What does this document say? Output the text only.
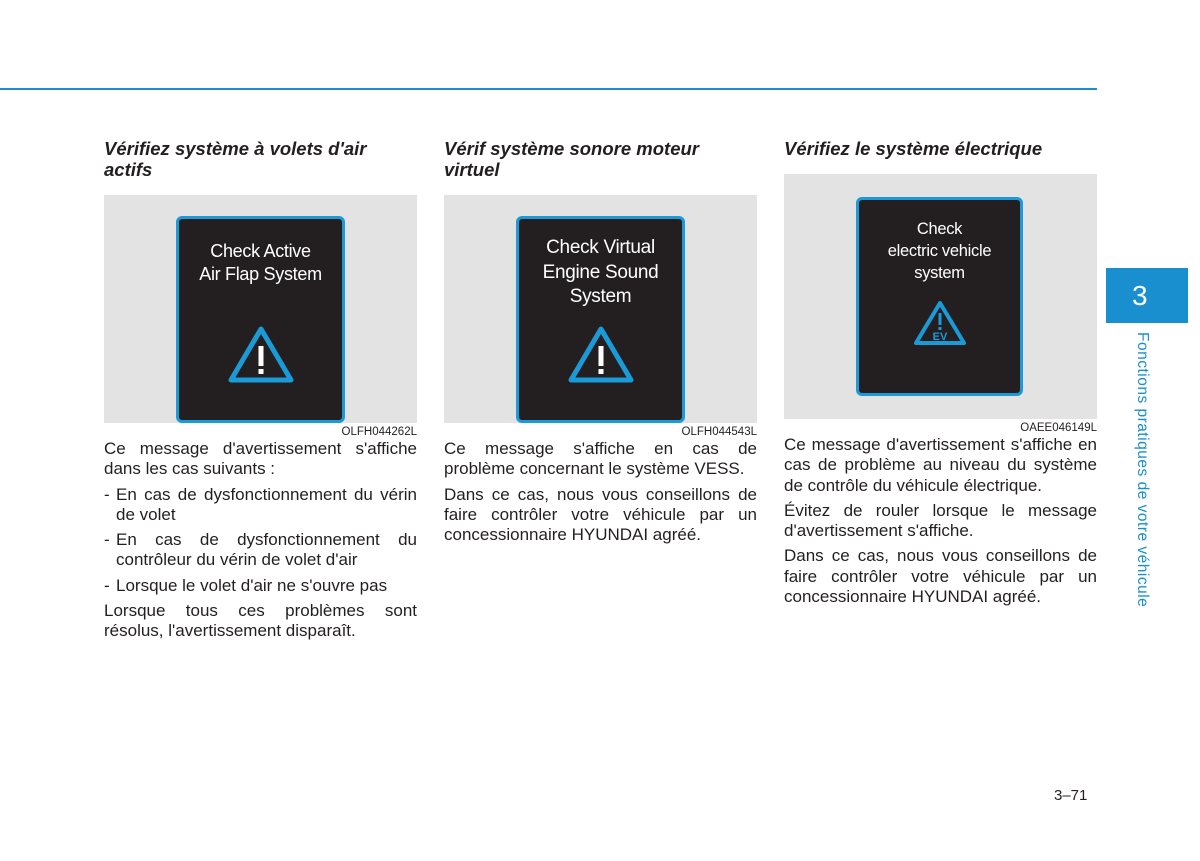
Vérifiez système à volets d'air actifs
Check Active
Air Flap System
OLFH044262L

Ce message d'avertissement s'affiche dans les cas suivants :

- En cas de dysfonctionnement du vérin de volet
- En cas de dysfonctionnement du contrôleur du vérin de volet d'air
- Lorsque le volet d'air ne s'ouvre pas

Lorsque tous ces problèmes sont résolus, l'avertissement disparaît.

Vérif système sonore moteur virtuel
Check Virtual
Engine Sound
System
OLFH044543L

Ce message s'affiche en cas de problème concernant le système VESS.

Dans ce cas, nous vous conseillons de faire contrôler votre véhicule par un concessionnaire HYUNDAI agréé.

Vérifiez le système électrique
Check
electric vehicle
system
EV
OAEE046149L

Ce message d'avertissement s'affiche en cas de problème au niveau du système de contrôle du véhicule électrique.

Évitez de rouler lorsque le message d'avertissement s'affiche.

Dans ce cas, nous vous conseillons de faire contrôler votre véhicule par un concessionnaire HYUNDAI agréé.

3
Fonctions pratiques de votre véhicule
3–71
